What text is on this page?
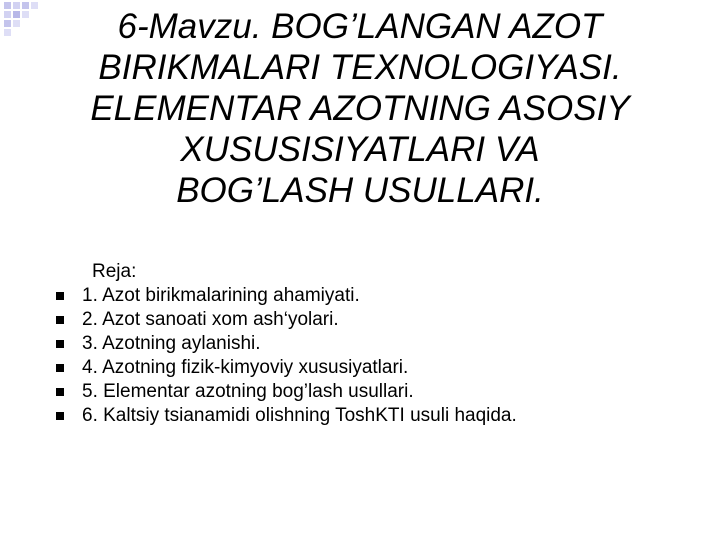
6-Mavzu. BOG’LANGAN AZOT
BIRIKMALARI TEXNOLOGIYASI.
ELEMENTAR AZOTNING ASOSIY
XUSUSISIYATLARI VA
BOG’LASH USULLARI.
Reja:
1. Azot birikmalarining ahamiyati.
2. Azot sanoati xom ash‘yolari.
3. Azotning aylanishi.
4. Azotning fizik-kimyoviy xususiyatlari.
5. Elementar azotning bog’lash usullari.
6. Kaltsiy tsianamidi olishning ToshKTI usuli haqida.
